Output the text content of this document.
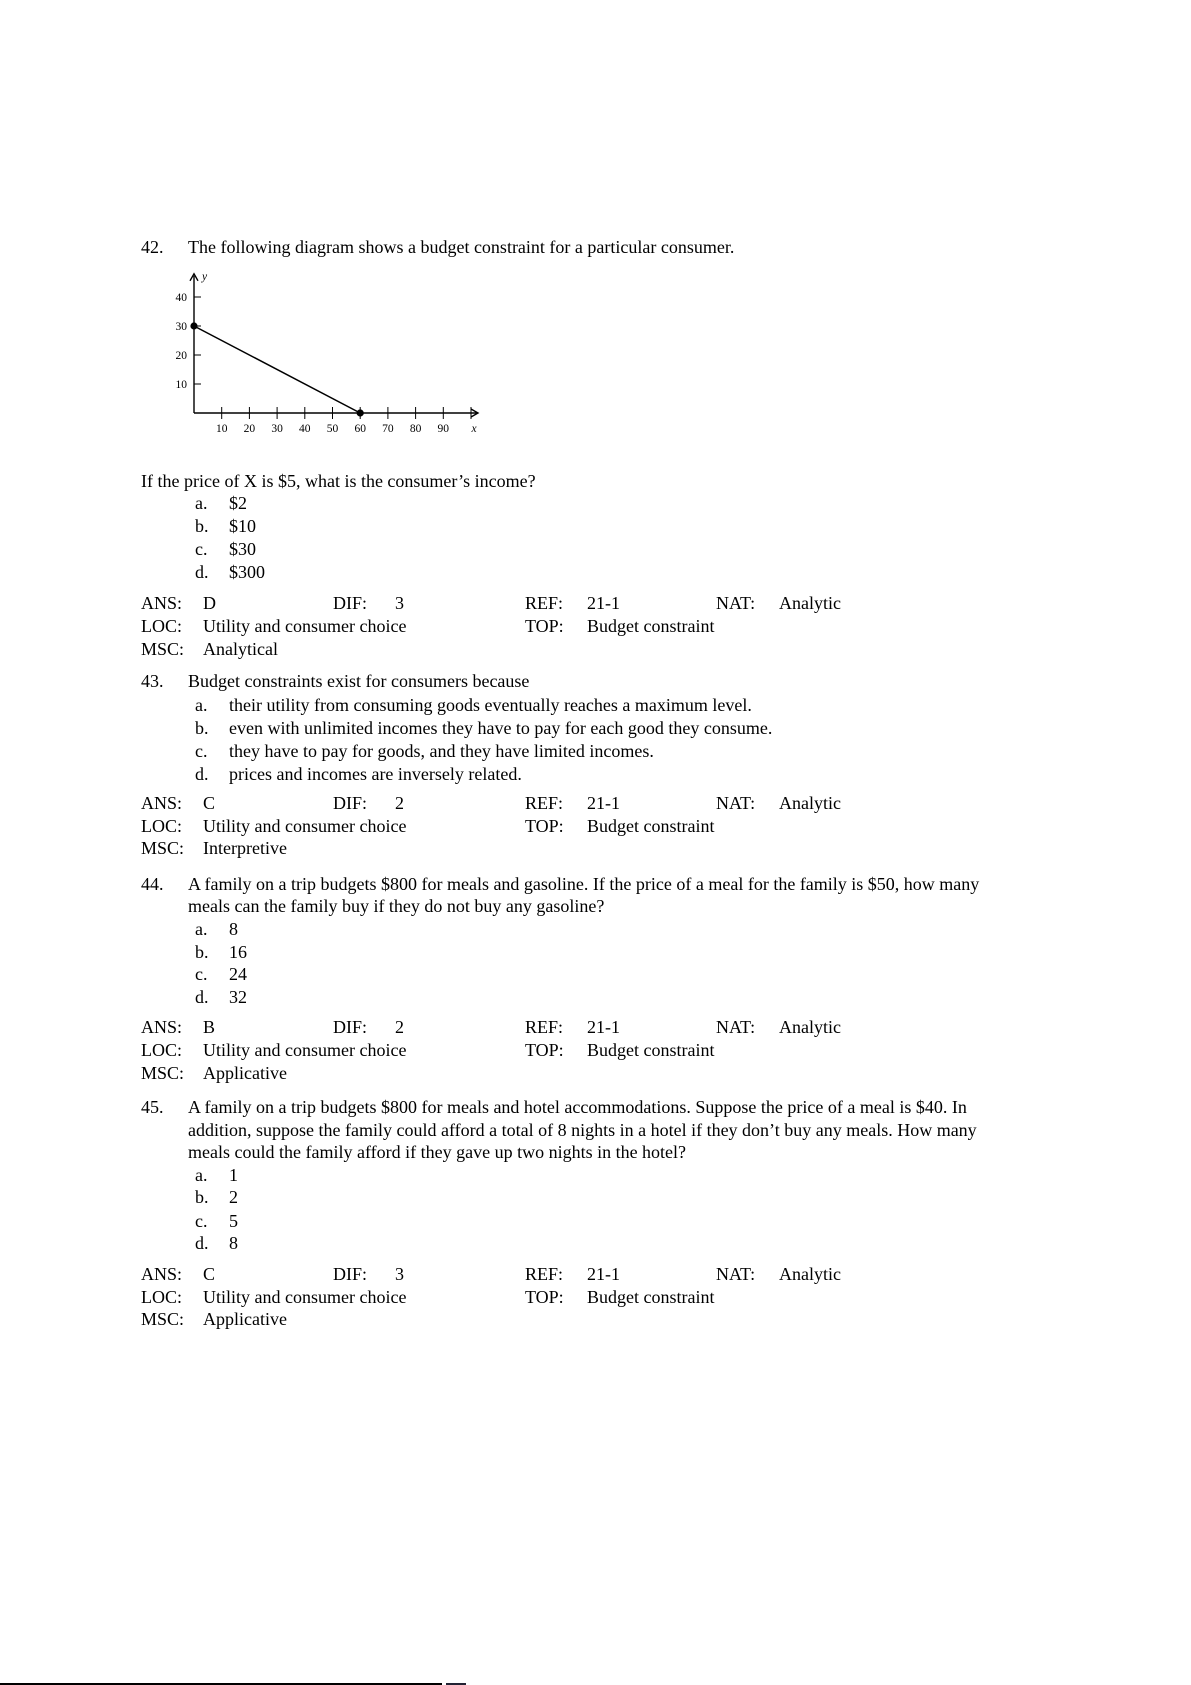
42. The following diagram shows a budget constraint for a particular consumer.
If the price of X is $5, what is the consumer’s income?
a. $2
b. $10
c. $30
d. $300
ANS: D	DIF: 3	REF: 21-1	NAT: Analytic
LOC: Utility and consumer choice	TOP: Budget constraint
MSC: Analytical
43. Budget constraints exist for consumers because
a. their utility from consuming goods eventually reaches a maximum level.
b. even with unlimited incomes they have to pay for each good they consume.
c. they have to pay for goods, and they have limited incomes.
d. prices and incomes are inversely related.
ANS: C	DIF: 2	REF: 21-1	NAT: Analytic
LOC: Utility and consumer choice	TOP: Budget constraint
MSC: Interpretive
44. A family on a trip budgets $800 for meals and gasoline. If the price of a meal for the family is $50, how many
meals can the family buy if they do not buy any gasoline?
a. 8
b. 16
c. 24
d. 32
ANS: B	DIF: 2	REF: 21-1	NAT: Analytic
LOC: Utility and consumer choice	TOP: Budget constraint
MSC: Applicative
45. A family on a trip budgets $800 for meals and hotel accommodations. Suppose the price of a meal is $40. In
addition, suppose the family could afford a total of 8 nights in a hotel if they don’t buy any meals. How many
meals could the family afford if they gave up two nights in the hotel?
a. 1
b. 2
c. 5
d. 8
ANS: C	DIF: 3	REF: 21-1	NAT: Analytic
LOC: Utility and consumer choice	TOP: Budget constraint
MSC: Applicative
10 20 30 40 50 60 70 80 90
10
20
30
40
x
y
